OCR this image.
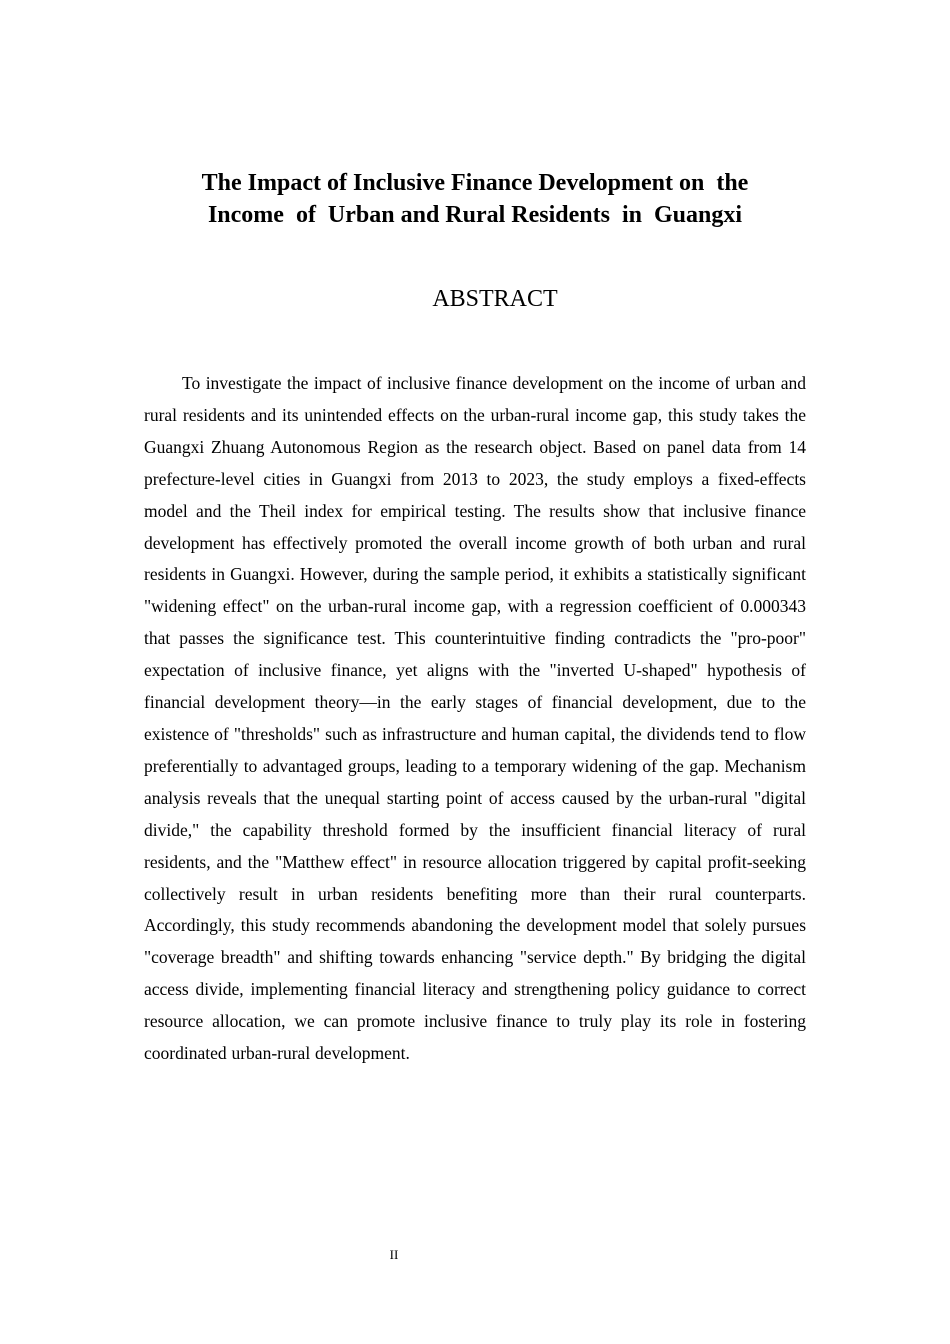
The Impact of Inclusive Finance Development on  the
Income  of  Urban and Rural Residents  in  Guangxi
ABSTRACT

To investigate the impact of inclusive finance development on the income of urban and rural residents and its unintended effects on the urban-rural income gap, this study takes the Guangxi Zhuang Autonomous Region as the research object. Based on panel data from 14 prefecture-level cities in Guangxi from 2013 to 2023, the study employs a fixed-effects model and the Theil index for empirical testing. The results show that inclusive finance development has effectively promoted the overall income growth of both urban and rural residents in Guangxi. However, during the sample period, it exhibits a statistically significant "widening effect" on the urban-rural income gap, with a regression coefficient of 0.000343 that passes the significance test. This counterintuitive finding contradicts the "pro-poor" expectation of inclusive finance, yet aligns with the "inverted U-shaped" hypothesis of financial development theory—in the early stages of financial development, due to the existence of "thresholds" such as infrastructure and human capital, the dividends tend to flow preferentially to advantaged groups, leading to a temporary widening of the gap. Mechanism analysis reveals that the unequal starting point of access caused by the urban-rural "digital divide," the capability threshold formed by the insufficient financial literacy of rural residents, and the "Matthew effect" in resource allocation triggered by capital profit-seeking collectively result in urban residents benefiting more than their rural counterparts. Accordingly, this study recommends abandoning the development model that solely pursues "coverage breadth" and shifting towards enhancing "service depth." By bridging the digital access divide, implementing financial literacy and strengthening policy guidance to correct resource allocation, we can promote inclusive finance to truly play its role in fostering coordinated urban-rural development.

II
